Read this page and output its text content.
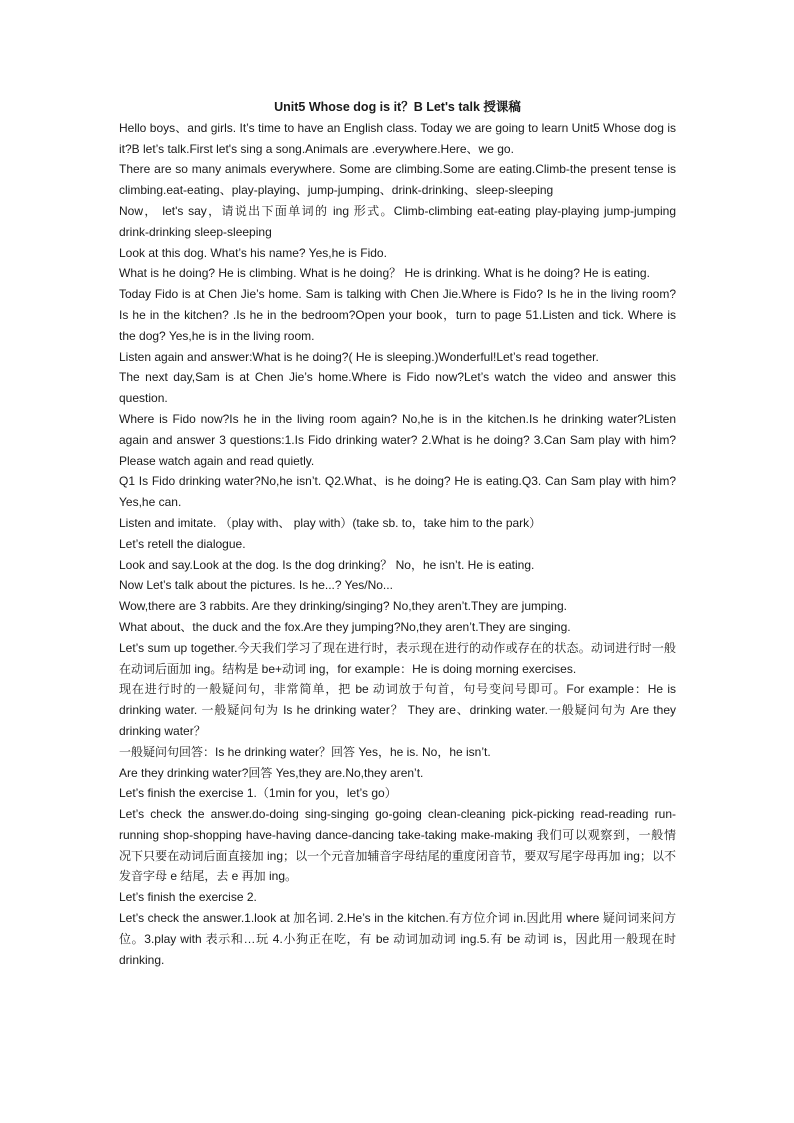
Unit5 Whose dog is it？B Let's talk 授课稿

Hello boys、and girls. It’s time to have an English class. Today we are going to learn Unit5 Whose dog is it?B let’s talk.First let's sing a song.Animals are .everywhere.Here、we go.

There are so many animals everywhere. Some are climbing.Some are eating.Climb-the present tense is climbing.eat-eating、play-playing、jump-jumping、drink-drinking、sleep-sleeping

Now， let's say，请说出下面单词的 ing 形式。Climb-climbing eat-eating play-playing jump-jumping drink-drinking sleep-sleeping

Look at this dog. What’s his name? Yes,he is Fido.

What is he doing? He is climbing. What is he doing？ He is drinking. What is he doing? He is eating.

Today Fido is at Chen Jie’s home. Sam is talking with Chen Jie.Where is Fido? Is he in the living room? Is he in the kitchen? .Is he in the bedroom?Open your book，turn to page 51.Listen and tick. Where is the dog? Yes,he is in the living room.

Listen again and answer:What is he doing?( He is sleeping.)Wonderful!Let’s read together.

The next day,Sam is at Chen Jie’s home.Where is Fido now?Let’s watch the video and answer this question.

Where is Fido now?Is he in the living room again? No,he is in the kitchen.Is he drinking water?Listen again and answer 3 questions:1.Is Fido drinking water? 2.What is he doing? 3.Can Sam play with him?Please watch again and read quietly.

Q1 Is Fido drinking water?No,he isn’t. Q2.What、is he doing? He is eating.Q3. Can Sam play with him? Yes,he can.

Listen and imitate. （play with、 play with）(take sb. to，take him to the park）

Let’s retell the dialogue.

Look and say.Look at the dog. Is the dog drinking？ No，he isn’t. He is eating.

Now Let’s talk about the pictures. Is he...? Yes/No...

Wow,there are 3 rabbits. Are they drinking/singing? No,they aren’t.They are jumping.

What about、the duck and the fox.Are they jumping?No,they aren’t.They are singing.

Let’s sum up together.今天我们学习了现在进行时，表示现在进行的动作或存在的状态。动词进行时一般在动词后面加 ing。结构是 be+动词 ing，for example：He is doing morning exercises.

现在进行时的一般疑问句，非常简单，把 be 动词放于句首，句号变问号即可。For example：He is drinking water. 一般疑问句为 Is he drinking water？ They are、drinking water.一般疑问句为 Are they drinking water？

一般疑问句回答：Is he drinking water？回答 Yes，he is. No，he isn’t.

Are they drinking water?回答 Yes,they are.No,they aren’t.

Let’s finish the exercise 1.（1min for you，let’s go）

Let’s check the answer.do-doing sing-singing go-going clean-cleaning pick-picking read-reading run-running shop-shopping have-having dance-dancing take-taking make-making 我们可以观察到，一般情况下只要在动词后面直接加 ing；以一个元音加辅音字母结尾的重度闭音节，要双写尾字母再加 ing；以不发音字母 e 结尾，去 e 再加 ing。

Let’s finish the exercise 2.

Let’s check the answer.1.look at 加名词. 2.He’s in the kitchen.有方位介词 in.因此用 where 疑问词来问方位。3.play with 表示和…玩 4.小狗正在吃，有 be 动词加动词 ing.5.有 be 动词 is，因此用一般现在时 drinking.
